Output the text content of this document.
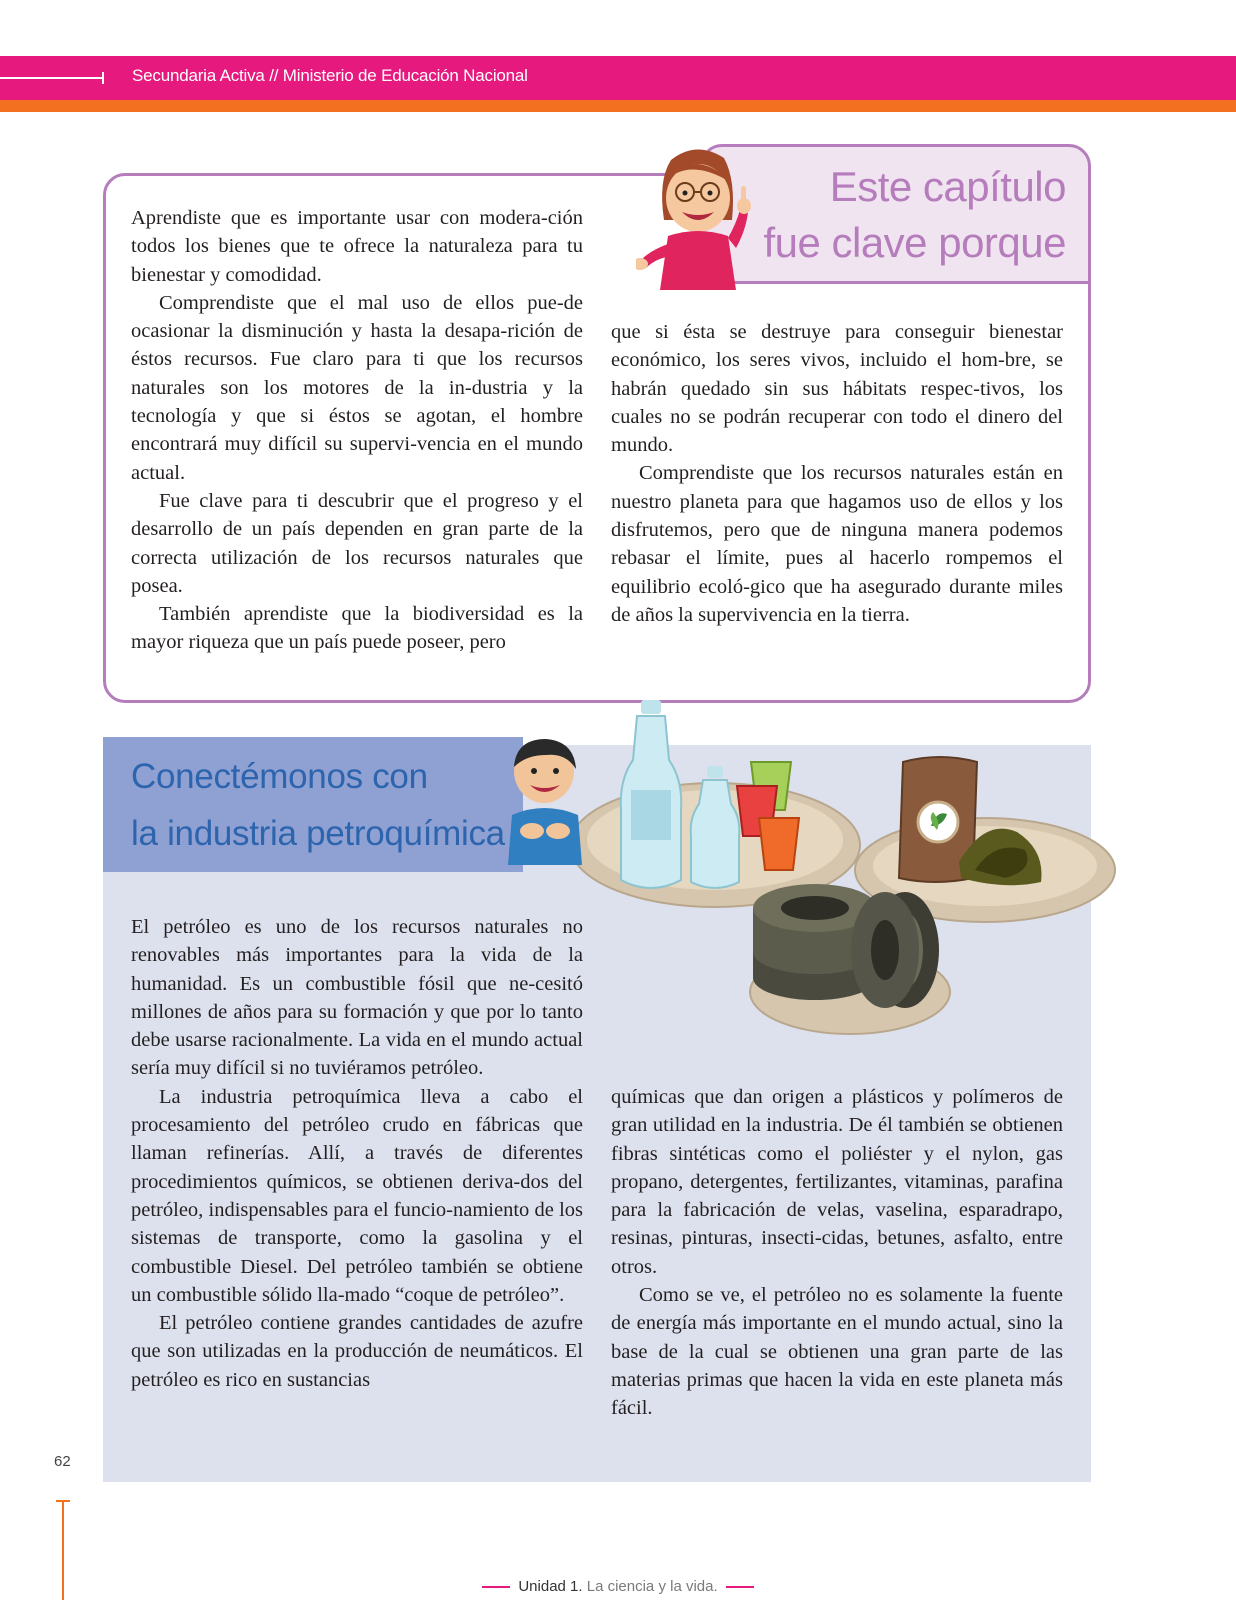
Secundaria Activa // Ministerio de Educación Nacional
Este capítulo
fue clave porque

Aprendiste que es importante usar con modera-ción todos los bienes que te ofrece la naturaleza para tu bienestar y comodidad.

Comprendiste que el mal uso de ellos pue-de ocasionar la disminución y hasta la desapa-rición de éstos recursos. Fue claro para ti que los recursos naturales son los motores de la in-dustria y la tecnología y que si éstos se agotan, el hombre encontrará muy difícil su supervi-vencia en el mundo actual.

Fue clave para ti descubrir que el progreso y el desarrollo de un país dependen en gran parte de la correcta utilización de los recursos naturales que posea.

También aprendiste que la biodiversidad es la mayor riqueza que un país puede poseer, pero

que si ésta se destruye para conseguir bienestar económico, los seres vivos, incluido el hom-bre, se habrán quedado sin sus hábitats respec-tivos, los cuales no se podrán recuperar con todo el dinero del mundo.

Comprendiste que los recursos naturales están en nuestro planeta para que hagamos uso de ellos y los disfrutemos, pero que de ninguna manera podemos rebasar el límite, pues al hacerlo rompemos el equilibrio ecoló-gico que ha asegurado durante miles de años la supervivencia en la tierra.

Conectémonos con
la industria petroquímica

El petróleo es uno de los recursos naturales no renovables más importantes para la vida de la humanidad. Es un combustible fósil que ne-cesitó millones de años para su formación y que por lo tanto debe usarse racionalmente. La vida en el mundo actual sería muy difícil si no tuviéramos petróleo.

La industria petroquímica lleva a cabo el procesamiento del petróleo crudo en fábricas que llaman refinerías. Allí, a través de diferentes procedimientos químicos, se obtienen deriva-dos del petróleo, indispensables para el funcio-namiento de los sistemas de transporte, como la gasolina y el combustible Diesel. Del petróleo también se obtiene un combustible sólido lla-mado “coque de petróleo”.

El petróleo contiene grandes cantidades de azufre que son utilizadas en la producción de neumáticos. El petróleo es rico en sustancias

químicas que dan origen a plásticos y polímeros de gran utilidad en la industria. De él también se obtienen fibras sintéticas como el poliéster y el nylon, gas propano, detergentes, fertilizantes, vitaminas, parafina para la fabricación de velas, vaselina, esparadrapo, resinas, pinturas, insecti-cidas, betunes, asfalto, entre otros.

Como se ve, el petróleo no es solamente la fuente de energía más importante en el mundo actual, sino la base de la cual se obtienen una gran parte de las materias primas que hacen la vida en este planeta más fácil.

62
Unidad 1. La ciencia y la vida.
